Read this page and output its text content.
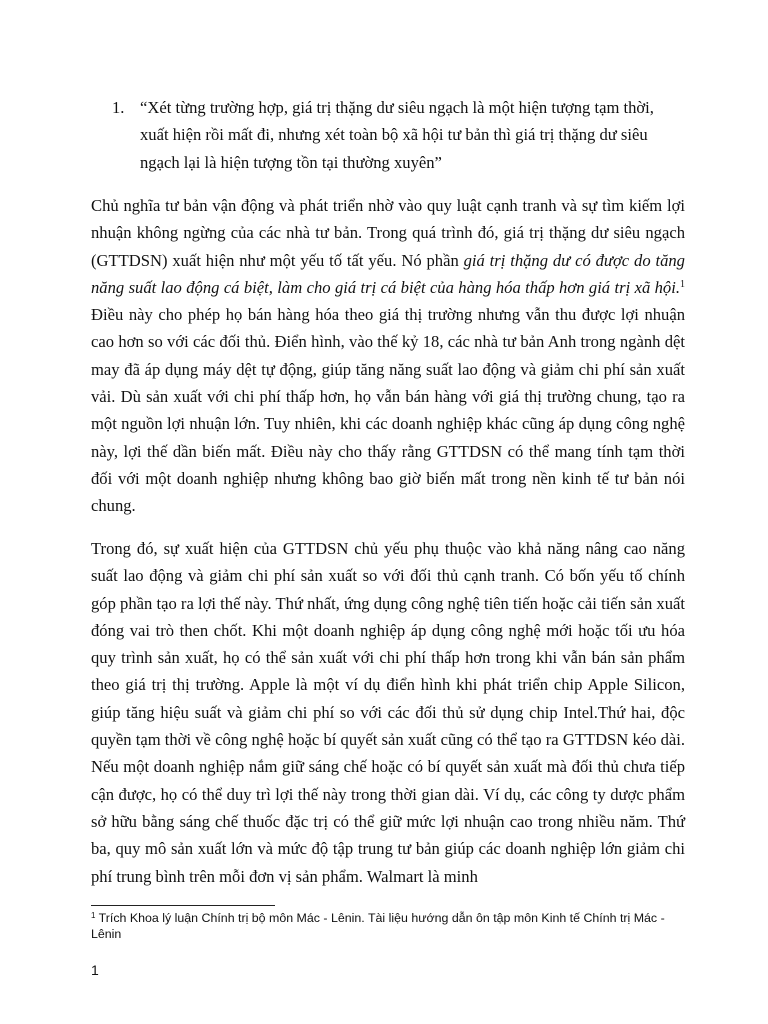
1. “Xét từng trường hợp, giá trị thặng dư siêu ngạch là một hiện tượng tạm thời, xuất hiện rồi mất đi, nhưng xét toàn bộ xã hội tư bản thì giá trị thặng dư siêu ngạch lại là hiện tượng tồn tại thường xuyên”

Chủ nghĩa tư bản vận động và phát triển nhờ vào quy luật cạnh tranh và sự tìm kiếm lợi nhuận không ngừng của các nhà tư bản. Trong quá trình đó, giá trị thặng dư siêu ngạch (GTTDSN) xuất hiện như một yếu tố tất yếu. Nó phần giá trị thặng dư có được do tăng năng suất lao động cá biệt, làm cho giá trị cá biệt của hàng hóa thấp hơn giá trị xã hội.$^1$ Điều này cho phép họ bán hàng hóa theo giá thị trường nhưng vẫn thu được lợi nhuận cao hơn so với các đối thủ. Điển hình, vào thế kỷ 18, các nhà tư bản Anh trong ngành dệt may đã áp dụng máy dệt tự động, giúp tăng năng suất lao động và giảm chi phí sản xuất vải. Dù sản xuất với chi phí thấp hơn, họ vẫn bán hàng với giá thị trường chung, tạo ra một nguồn lợi nhuận lớn. Tuy nhiên, khi các doanh nghiệp khác cũng áp dụng công nghệ này, lợi thế dần biến mất. Điều này cho thấy rằng GTTDSN có thể mang tính tạm thời đối với một doanh nghiệp nhưng không bao giờ biến mất trong nền kinh tế tư bản nói chung.

Trong đó, sự xuất hiện của GTTDSN chủ yếu phụ thuộc vào khả năng nâng cao năng suất lao động và giảm chi phí sản xuất so với đối thủ cạnh tranh. Có bốn yếu tố chính góp phần tạo ra lợi thế này. Thứ nhất, ứng dụng công nghệ tiên tiến hoặc cải tiến sản xuất đóng vai trò then chốt. Khi một doanh nghiệp áp dụng công nghệ mới hoặc tối ưu hóa quy trình sản xuất, họ có thể sản xuất với chi phí thấp hơn trong khi vẫn bán sản phẩm theo giá trị thị trường. Apple là một ví dụ điển hình khi phát triển chip Apple Silicon, giúp tăng hiệu suất và giảm chi phí so với các đối thủ sử dụng chip Intel.Thứ hai, độc quyền tạm thời về công nghệ hoặc bí quyết sản xuất cũng có thể tạo ra GTTDSN kéo dài. Nếu một doanh nghiệp nắm giữ sáng chế hoặc có bí quyết sản xuất mà đối thủ chưa tiếp cận được, họ có thể duy trì lợi thế này trong thời gian dài. Ví dụ, các công ty dược phẩm sở hữu bằng sáng chế thuốc đặc trị có thể giữ mức lợi nhuận cao trong nhiều năm. Thứ ba, quy mô sản xuất lớn và mức độ tập trung tư bản giúp các doanh nghiệp lớn giảm chi phí trung bình trên mỗi đơn vị sản phẩm. Walmart là minh

$^1$ Trích Khoa lý luận Chính trị bộ môn Mác - Lênin. Tài liệu hướng dẫn ôn tập môn Kinh tế Chính trị Mác - Lênin
1
